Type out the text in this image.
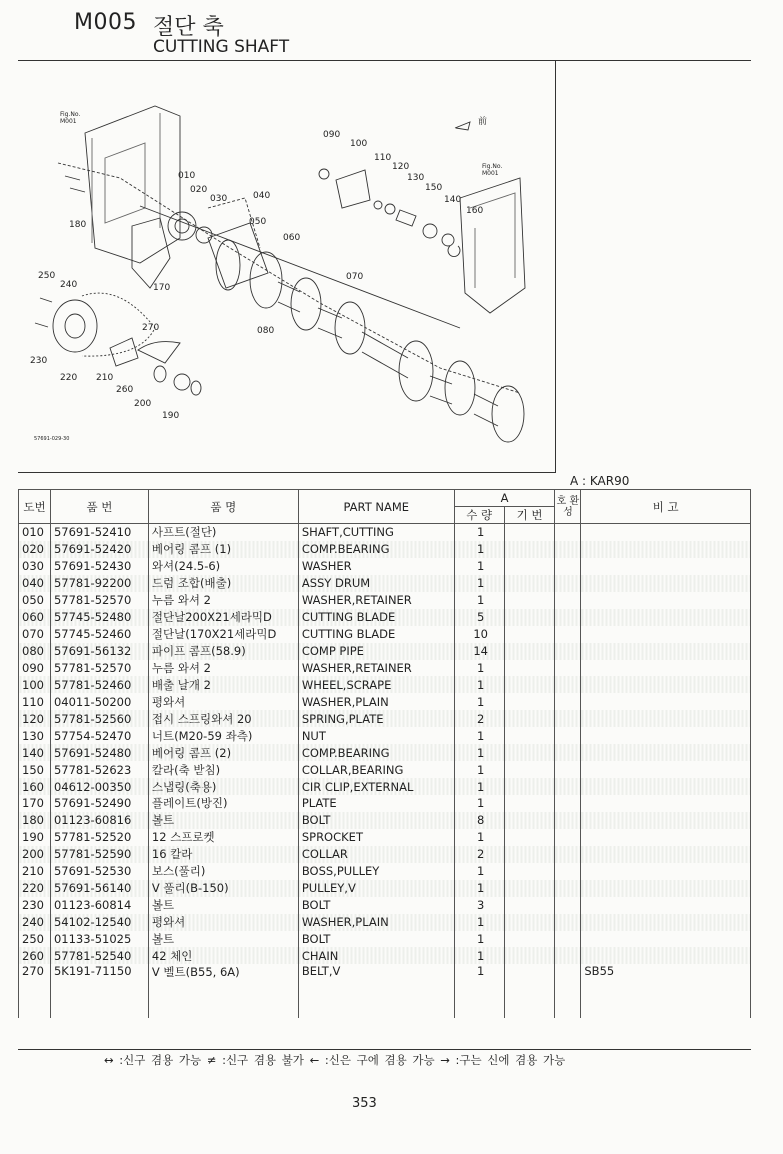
M005 절단 축
CUTTING SHAFT
Fig.No.
M001
Fig.No.
M001
前
57691-029-30
010
020
030	040
050
060
070
080
090
100
110
120
130
150
140
160
170
180
190
200
210
220
230
240
250
260
270
A : KAR90
도번	품 번	품 명	PART NAME	A		호 환 성	비 고
				수 량	기 번		
010	57691-52410	사프트(절단)	SHAFT,CUTTING	1			
020	57691-52420	베어링 콤프 (1)	COMP.BEARING	1			
030	57691-52430	와셔(24.5-6)	WASHER	1			
040	57781-92200	드럼 조합(배출)	ASSY DRUM	1			
050	57781-52570	누름 와셔 2	WASHER,RETAINER	1			
060	57745-52480	절단날200X21세라믹D	CUTTING BLADE	5			
070	57745-52460	절단날(170X21세라믹D	CUTTING BLADE	10			
080	57691-56132	파이프 콤프(58.9)	COMP PIPE	14			
090	57781-52570	누름 와셔 2	WASHER,RETAINER	1			
100	57781-52460	배출 날개 2	WHEEL,SCRAPE	1			
110	04011-50200	평와셔	WASHER,PLAIN	1			
120	57781-52560	접시 스프링와셔 20	SPRING,PLATE	2			
130	57754-52470	너트(M20-59 좌측)	NUT	1			
140	57691-52480	베어링 콤프 (2)	COMP.BEARING	1			
150	57781-52623	칼라(축 받침)	COLLAR,BEARING	1			
160	04612-00350	스냅링(축용)	CIR CLIP,EXTERNAL	1			
170	57691-52490	플레이트(방진)	PLATE	1			
180	01123-60816	볼트	BOLT	8			
190	57781-52520	12 스프로켓	SPROCKET	1			
200	57781-52590	16 칼라	COLLAR	2			
210	57691-52530	보스(풀리)	BOSS,PULLEY	1			
220	57691-56140	V 풀리(B-150)	PULLEY,V	1			
230	01123-60814	볼트	BOLT	3			
240	54102-12540	평와셔	WASHER,PLAIN	1			
250	01133-51025	볼트	BOLT	1			
260	57781-52540	42 체인	CHAIN	1			
270	5K191-71150	V 벨트(B55, 6A)	BELT,V	1			SB55
↔ :신구 겸용 가능 ≠ :신구 겸용 불가 ← :신은 구에 겸용 가능 → :구는 신에 겸용 가능
353
